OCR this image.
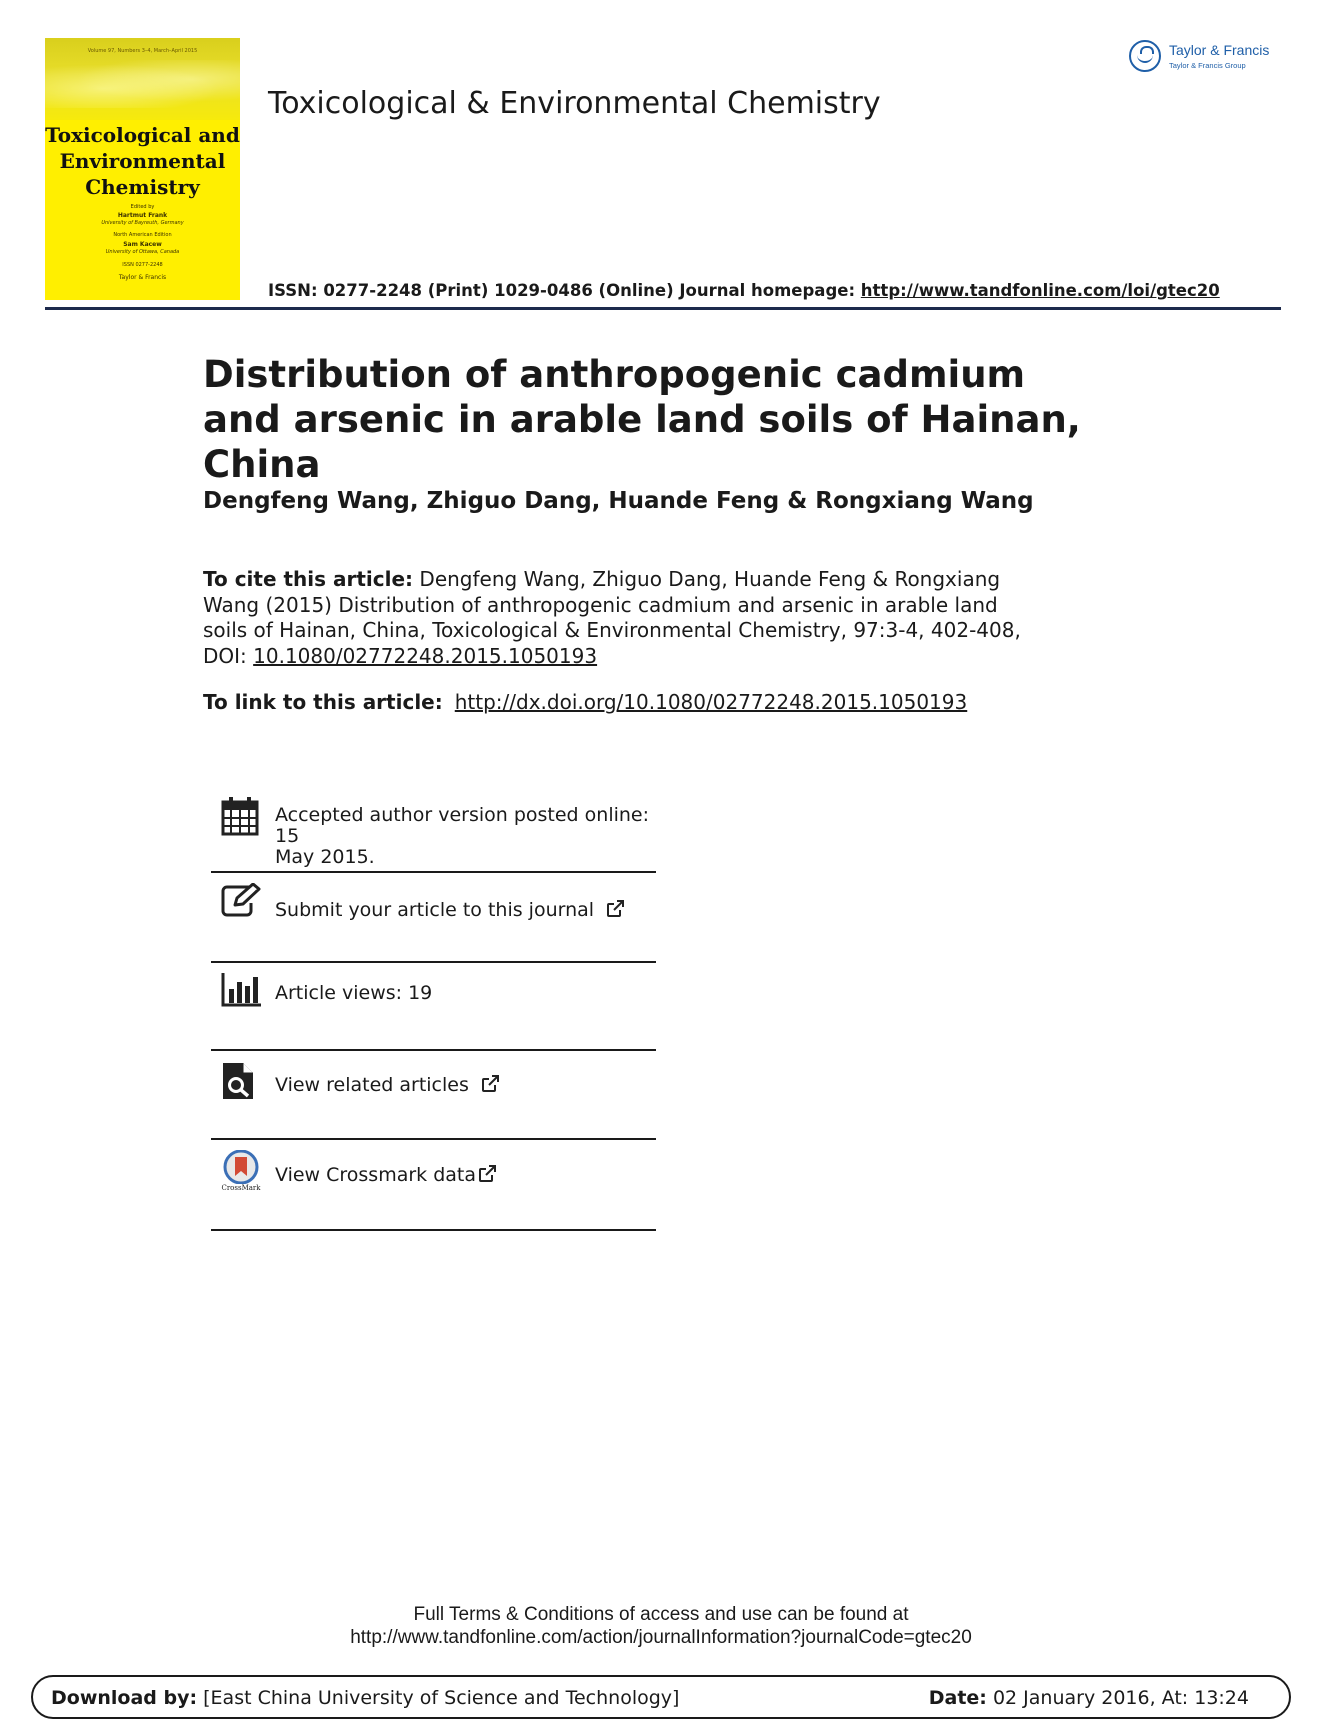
Volume 97, Numbers 3–4, March–April 2015
Toxicological and Environmental Chemistry
Edited by
Hartmut Frank
University of Bayreuth, Germany
North American Edition
Sam Kacew
University of Ottawa, Canada
ISSN 0277-2248
Taylor & Francis
Taylor & Francis
Taylor & Francis Group
Toxicological & Environmental Chemistry
ISSN: 0277-2248 (Print) 1029-0486 (Online) Journal homepage: http://www.tandfonline.com/loi/gtec20
Distribution of anthropogenic cadmium and arsenic in arable land soils of Hainan, China
Dengfeng Wang, Zhiguo Dang, Huande Feng & Rongxiang Wang
To cite this article: Dengfeng Wang, Zhiguo Dang, Huande Feng & Rongxiang Wang (2015) Distribution of anthropogenic cadmium and arsenic in arable land soils of Hainan, China, Toxicological & Environmental Chemistry, 97:3-4, 402-408, DOI: 10.1080/02772248.2015.1050193
To link to this article: http://dx.doi.org/10.1080/02772248.2015.1050193
Accepted author version posted online: 15
May 2015.
Submit your article to this journal
Article views: 19
View related articles
CrossMark
View Crossmark data
Full Terms & Conditions of access and use can be found at
http://www.tandfonline.com/action/journalInformation?journalCode=gtec20
Download by: [East China University of Science and Technology]	Date: 02 January 2016, At: 13:24
